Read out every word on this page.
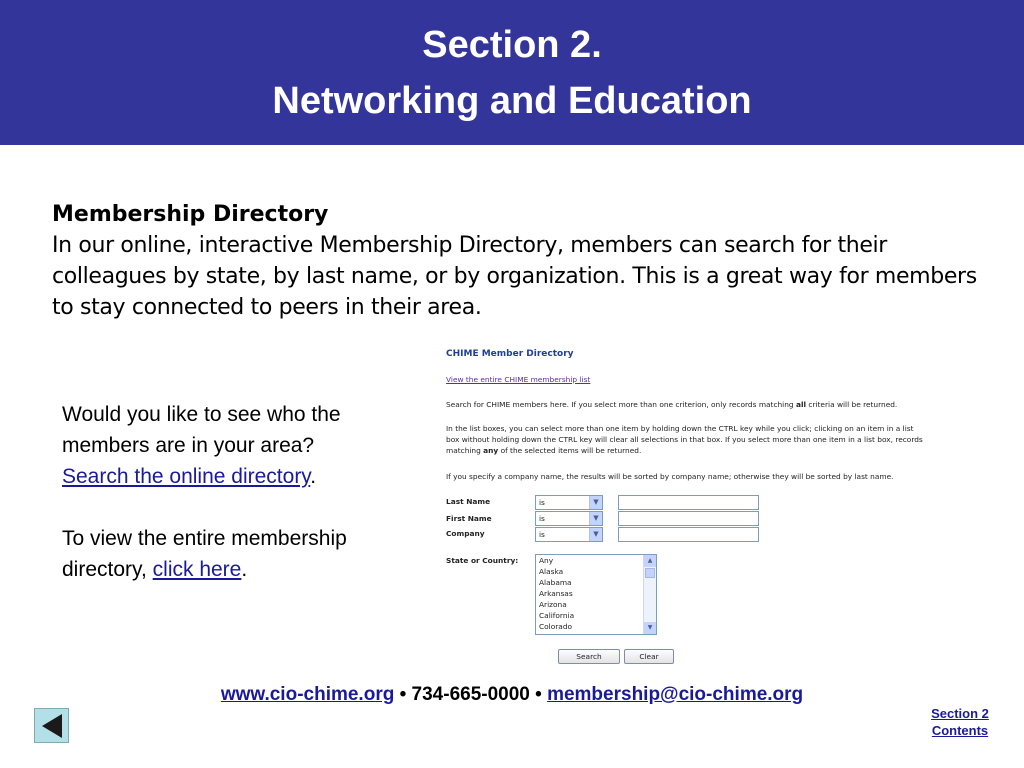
Section 2.
Networking and Education
Membership Directory

In our online, interactive Membership Directory, members can search for their colleagues by state, by last name, or by organization. This is a great way for members to stay connected to peers in their area.

Would you like to see who the members are in your area?
Search the online directory.

To view the entire membership directory, click here.

CHIME Member Directory
View the entire CHIME membership list
Search for CHIME members here. If you select more than one criterion, only records matching all criteria will be returned.
In the list boxes, you can select more than one item by holding down the CTRL key while you click; clicking on an item in a list box without holding down the CTRL key will clear all selections in that box. If you select more than one item in a list box, records matching any of the selected items will be returned.
If you specify a company name, the results will be sorted by company name; otherwise they will be sorted by last name.
Last Name	is	▼
First Name	is	▼
Company	is	▼
State or Country:	Any
Alaska
Alabama
Arkansas
Arizona
California
Colorado
▲
▼
Search	Clear
www.cio-chime.org • 734-665-0000 • membership@cio-chime.org
Section 2
Contents
